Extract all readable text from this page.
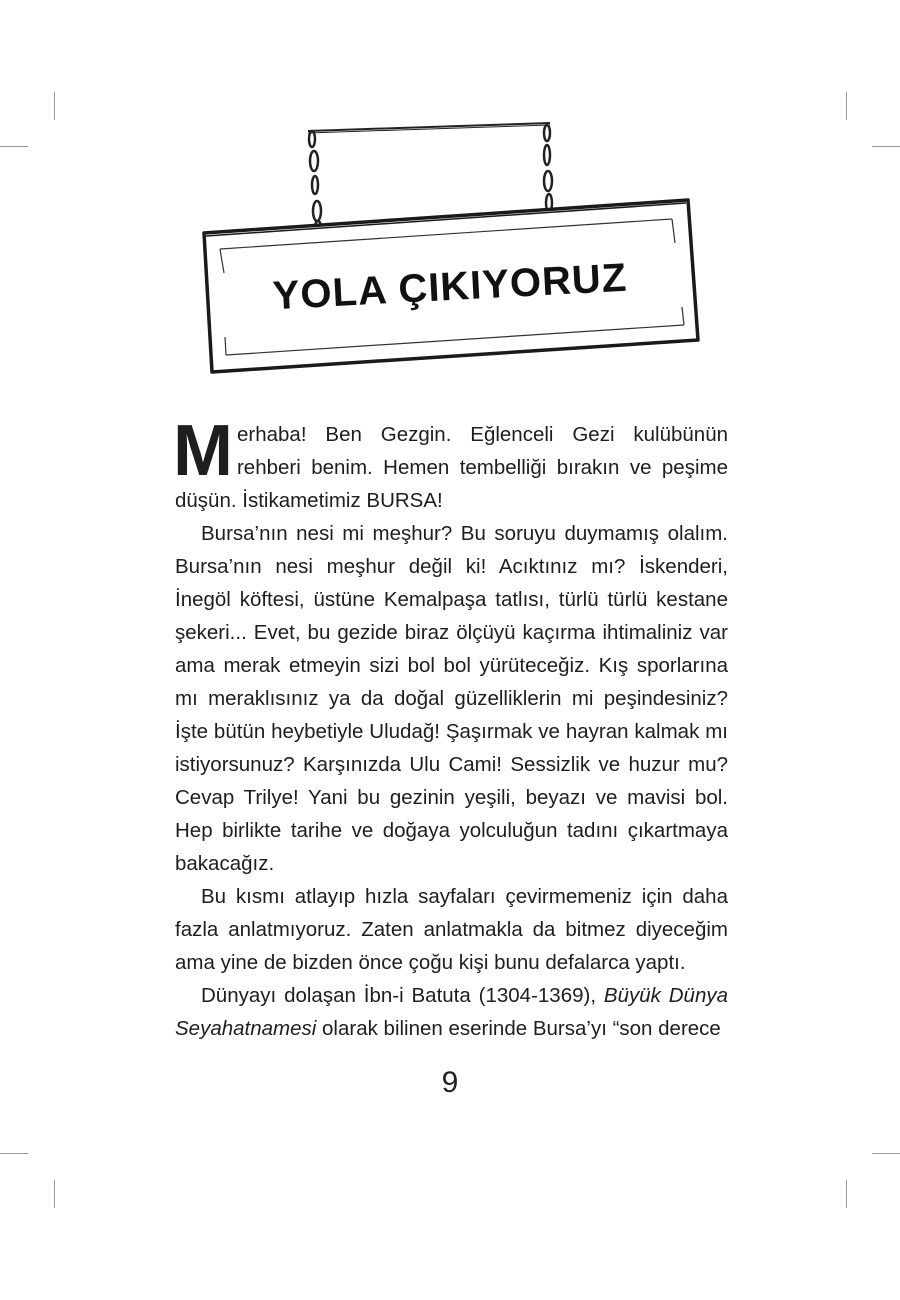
YOLA ÇIKIYORUZ

Merhaba! Ben Gezgin. Eğlenceli Gezi kulübünün rehberi benim. Hemen tembelliği bırakın ve peşime düşün. İstikametimiz BURSA!

Bursa’nın nesi mi meşhur? Bu soruyu duymamış olalım. Bursa’nın nesi meşhur değil ki! Acıktınız mı? İskenderi, İnegöl köftesi, üstüne Kemalpaşa tatlısı, türlü türlü kestane şekeri... Evet, bu gezide biraz ölçüyü kaçırma ihtimaliniz var ama merak etmeyin sizi bol bol yürüteceğiz. Kış sporlarına mı meraklısınız ya da doğal güzelliklerin mi peşindesiniz? İşte bütün heybetiyle Uludağ! Şaşırmak ve hayran kalmak mı istiyorsunuz? Karşınızda Ulu Cami! Sessizlik ve huzur mu? Cevap Trilye! Yani bu gezinin yeşili, beyazı ve mavisi bol. Hep birlikte tarihe ve doğaya yolculuğun tadını çıkartmaya bakacağız.

Bu kısmı atlayıp hızla sayfaları çevirmemeniz için daha fazla anlatmıyoruz. Zaten anlatmakla da bitmez diyeceğim ama yine de bizden önce çoğu kişi bunu defalarca yaptı.

Dünyayı dolaşan İbn-i Batuta (1304-1369), Büyük Dünya Seyahatnamesi olarak bilinen eserinde Bursa’yı “son derece

9
